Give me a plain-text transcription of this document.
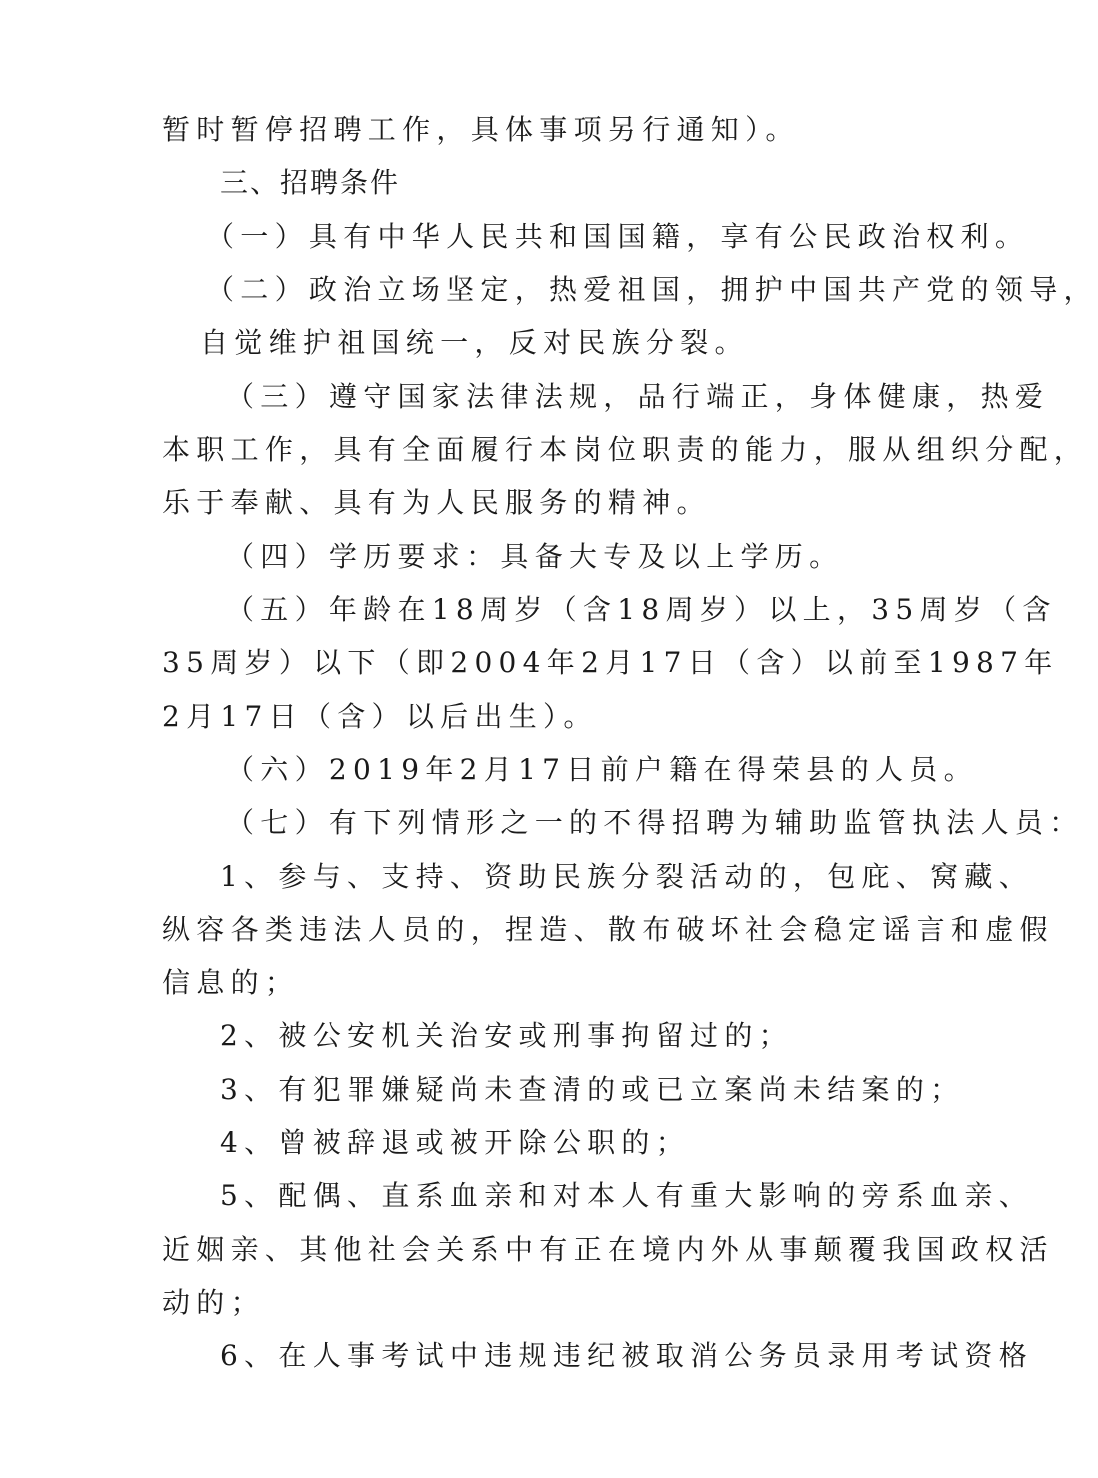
暂时暂停招聘工作，具体事项另行通知）。
三、招聘条件
（一）具有中华人民共和国国籍，享有公民政治权利。
（二）政治立场坚定，热爱祖国，拥护中国共产党的领导，
自觉维护祖国统一，反对民族分裂。
（三）遵守国家法律法规，品行端正，身体健康，热爱
本职工作，具有全面履行本岗位职责的能力，服从组织分配，
乐于奉献、具有为人民服务的精神。
（四）学历要求：具备大专及以上学历。
（五）年龄在18周岁（含18周岁）以上，35周岁（含
35周岁）以下（即2004年2月17日（含）以前至1987年
2月17日（含）以后出生）。
（六）2019年2月17日前户籍在得荣县的人员。
（七）有下列情形之一的不得招聘为辅助监管执法人员：
1、参与、支持、资助民族分裂活动的，包庇、窝藏、
纵容各类违法人员的，捏造、散布破坏社会稳定谣言和虚假
信息的；
2、被公安机关治安或刑事拘留过的；
3、有犯罪嫌疑尚未查清的或已立案尚未结案的；
4、曾被辞退或被开除公职的；
5、配偶、直系血亲和对本人有重大影响的旁系血亲、
近姻亲、其他社会关系中有正在境内外从事颠覆我国政权活
动的；
6、在人事考试中违规违纪被取消公务员录用考试资格
